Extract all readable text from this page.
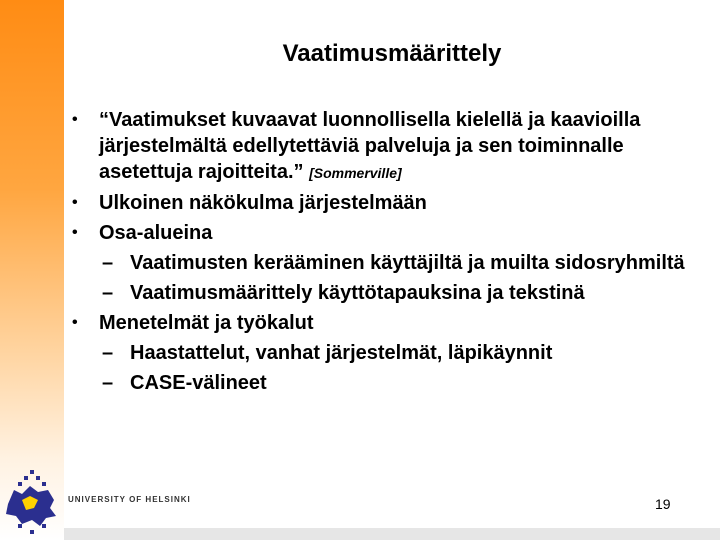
Vaatimusmäärittely
• “Vaatimukset kuvaavat luonnollisella kielellä ja kaavioilla järjestelmältä edellytettäviä palveluja ja sen toiminnalle asetettuja rajoitteita.” [Sommerville]
• Ulkoinen näkökulma järjestelmään
• Osa-alueina
– Vaatimusten kerääminen käyttäjiltä ja muilta sidosryhmiltä
– Vaatimusmäärittely käyttötapauksina ja tekstinä
• Menetelmät ja työkalut
– Haastattelut, vanhat järjestelmät, läpikäynnit
– CASE-välineet
UNIVERSITY OF HELSINKI	19
